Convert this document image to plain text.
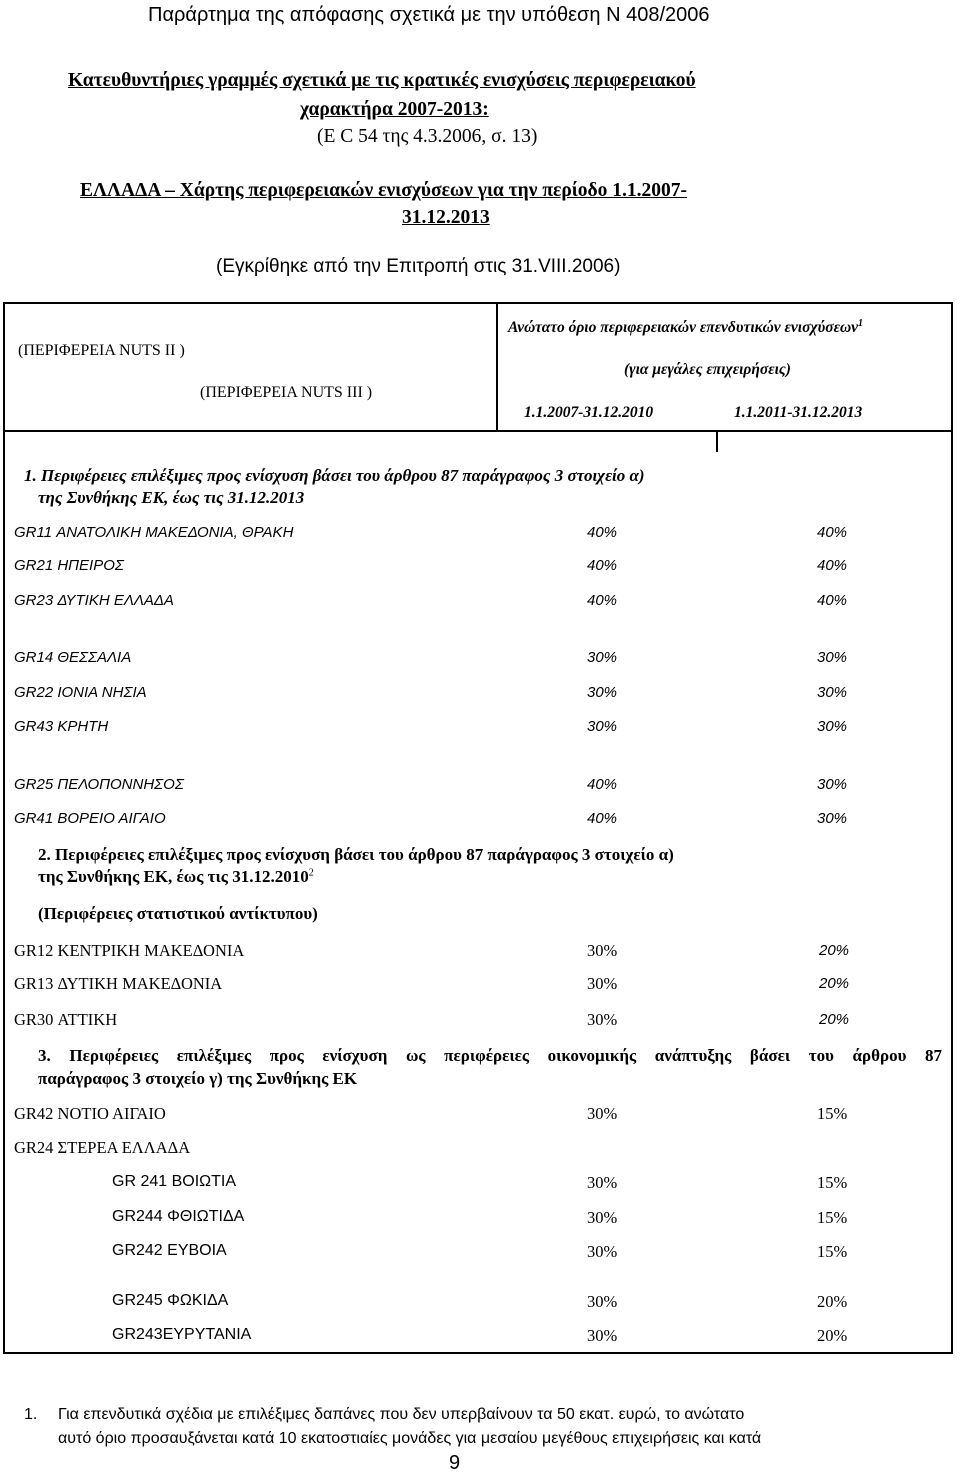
Παράρτημα της απόφασης σχετικά με την υπόθεση Ν 408/2006
Κατευθυντήριες γραμμές σχετικά με τις κρατικές ενισχύσεις περιφερειακού
χαρακτήρα 2007-2013:
(Ε C 54 της 4.3.2006, σ. 13)
ΕΛΛΑΔΑ – Χάρτης περιφερειακών ενισχύσεων για την περίοδο 1.1.2007-
31.12.2013
(Εγκρίθηκε από την Επιτροπή στις 31.VIII.2006)
(ΠΕΡΙΦΕΡΕΙΑ NUTS II )
(ΠΕΡΙΦΕΡΕΙΑ NUTS III )
Ανώτατο όριο περιφερειακών επενδυτικών ενισχύσεων$^1$
(για μεγάλες επιχειρήσεις)
1.1.2007-31.12.2010	1.1.2011-31.12.2013
1. Περιφέρειες επιλέξιμες προς ενίσχυση βάσει του άρθρου 87 παράγραφος 3 στοιχείο α)
της Συνθήκης ΕΚ, έως τις 31.12.2013
GR11 ΑΝΑΤΟΛΙΚΗ ΜΑΚΕΔΟΝΙΑ, ΘΡΑΚΗ	40%	40%
GR21 ΗΠΕΙΡΟΣ	40%	40%
GR23 ΔΥΤΙΚΗ ΕΛΛΑΔΑ	40%	40%
GR14 ΘΕΣΣΑΛΙΑ	30%	30%
GR22 ΙΟΝΙΑ ΝΗΣΙΑ	30%	30%
GR43 ΚΡΗΤΗ	30%	30%
GR25 ΠΕΛΟΠΟΝΝΗΣΟΣ	40%	30%
GR41 ΒΟΡΕΙΟ ΑΙΓΑΙΟ	40%	30%
2. Περιφέρειες επιλέξιμες προς ενίσχυση βάσει του άρθρου 87 παράγραφος 3 στοιχείο α)
της Συνθήκης ΕΚ, έως τις 31.12.2010$^2$
(Περιφέρειες στατιστικού αντίκτυπου)
GR12 ΚΕΝΤΡΙΚΗ ΜΑΚΕΔΟΝΙΑ	30%	20%
GR13 ΔΥΤΙΚΗ ΜΑΚΕΔΟΝΙΑ	30%	20%
GR30 ΑΤΤΙΚΗ	30%	20%
3. Περιφέρειες επιλέξιμες προς ενίσχυση ως περιφέρειες οικονομικής ανάπτυξης βάσει του άρθρου 87
παράγραφος 3 στοιχείο γ) της Συνθήκης ΕΚ
GR42 ΝΟΤΙΟ ΑΙΓΑΙΟ	30%	15%
GR24 ΣΤΕΡΕΑ ΕΛΛΑΔΑ
GR 241 ΒΟΙΩΤΙΑ	30%	15%
GR244 ΦΘΙΩΤΙΔΑ	30%	15%
GR242 ΕΥΒΟΙΑ	30%	15%
GR245 ΦΩΚΙΔΑ	30%	20%
GR243ΕΥΡΥΤΑΝΙΑ	30%	20%
1. Για επενδυτικά σχέδια με επιλέξιμες δαπάνες που δεν υπερβαίνουν τα 50 εκατ. ευρώ, το ανώτατο
αυτό όριο προσαυξάνεται κατά 10 εκατοστιαίες μονάδες για μεσαίου μεγέθους επιχειρήσεις και κατά
9
